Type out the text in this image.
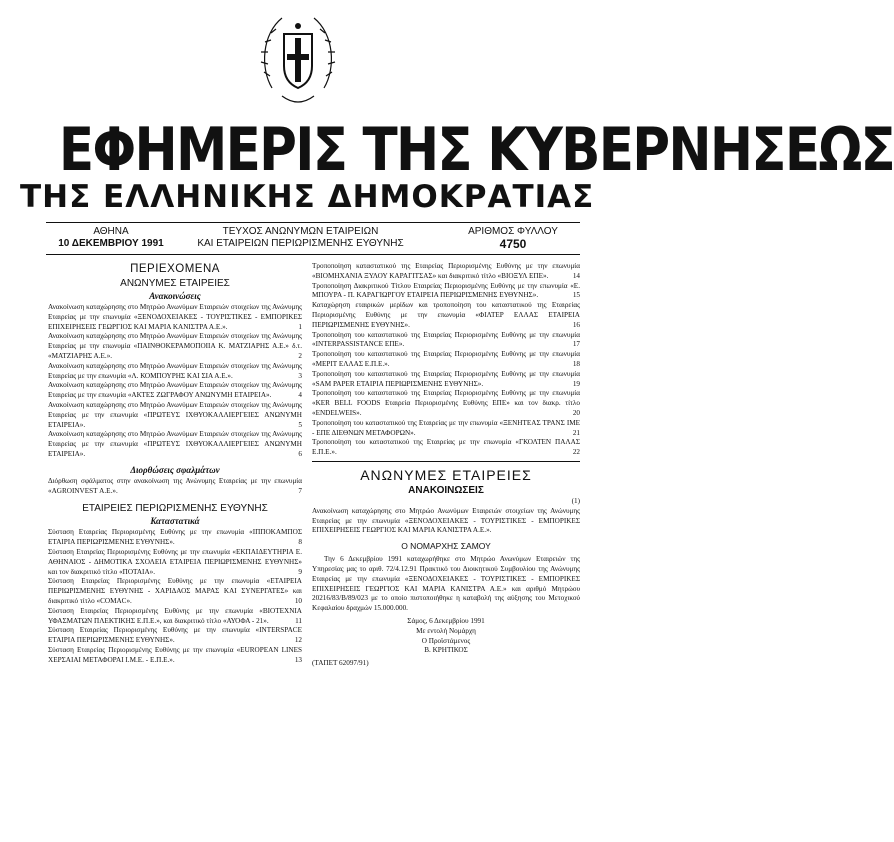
ΕΦΗΜΕΡΙΣ ΤΗΣ ΚΥΒΕΡΝΗΣΕΩΣ
ΤΗΣ ΕΛΛΗΝΙΚΗΣ ΔΗΜΟΚΡΑΤΙΑΣ
ΑΘΗΝΑ
10 ΔΕΚΕΜΒΡΙΟΥ 1991
ΤΕΥΧΟΣ ΑΝΩΝΥΜΩΝ ΕΤΑΙΡΕΙΩΝ
ΚΑΙ ΕΤΑΙΡΕΙΩΝ ΠΕΡΙΩΡΙΣΜΕΝΗΣ ΕΥΘΥΝΗΣ
ΑΡΙΘΜΟΣ ΦΥΛΛΟΥ
4750
ΠΕΡΙΕΧΟΜΕΝΑ
ΑΝΩΝΥΜΕΣ ΕΤΑΙΡΕΙΕΣ
Ανακοινώσεις

Ανακοίνωση καταχώρησης στο Μητρώο Ανωνύμων Εταιρειών στοιχείων της Ανώνυμης Εταιρείας με την επωνυμία «ΞΕΝΟΔΟΧΕΙΑΚΕΣ - ΤΟΥΡΙΣΤΙΚΕΣ - ΕΜΠΟΡΙΚΕΣ ΕΠΙΧΕΙΡΗΣΕΙΣ ΓΕΩΡΓΙΟΣ ΚΑΙ ΜΑΡΙΑ ΚΑΝΙΣΤΡΑ Α.Ε.».	1

Ανακοίνωση καταχώρησης στο Μητρώο Ανωνύμων Εταιρειών στοιχείων της Ανώνυμης Εταιρείας με την επωνυμία «ΠΑΙΝΘΟΚΕΡΑΜΟΠΟΙΙΑ Κ. ΜΑΤΖΙΑΡΗΣ Α.Ε.» δ.τ. «ΜΑΤΖΙΑΡΗΣ Α.Ε.».	2

Ανακοίνωση καταχώρησης στο Μητρώο Ανωνύμων Εταιρειών στοιχείων της Ανώνυμης Εταιρείας με την επωνυμία «Λ. ΚΟΜΠΟΥΡΗΣ ΚΑΙ ΣΙΑ Α.Ε.».	3

Ανακοίνωση καταχώρησης στο Μητρώο Ανωνύμων Εταιρειών στοιχείων της Ανώνυμης Εταιρείας με την επωνυμία «ΑΚΤΕΣ ΖΩΓΡΑΦΟΥ ΑΝΩΝΥΜΗ ΕΤΑΙΡΕΙΑ».	4

Ανακοίνωση καταχώρησης στο Μητρώο Ανωνύμων Εταιρειών στοιχείων της Ανώνυμης Εταιρείας με την επωνυμία «ΠΡΩΤΕΥΣ ΙΧΘΥΟΚΑΛΛΙΕΡΓΕΙΕΣ ΑΝΩΝΥΜΗ ΕΤΑΙΡΕΙΑ».	5

Ανακοίνωση καταχώρησης στο Μητρώο Ανωνύμων Εταιρειών στοιχείων της Ανώνυμης Εταιρείας με την επωνυμία «ΠΡΩΤΕΥΣ ΙΧΘΥΟΚΑΛΛΙΕΡΓΕΙΕΣ ΑΝΩΝΥΜΗ ΕΤΑΙΡΕΙΑ».	6

Διορθώσεις σφαλμάτων

Διόρθωση σφάλματος στην ανακοίνωση της Ανώνυμης Εταιρείας με την επωνυμία «AGROINVEST Α.Ε.».	7

ΕΤΑΙΡΕΙΕΣ ΠΕΡΙΩΡΙΣΜΕΝΗΣ ΕΥΘΥΝΗΣ
Καταστατικά

Σύσταση Εταιρείας Περιορισμένης Ευθύνης με την επωνυμία «ΙΠΠΟΚΑΜΠΟΣ ΕΤΑΙΡΙΑ ΠΕΡΙΩΡΙΣΜΕΝΗΣ ΕΥΘΥΝΗΣ».	8

Σύσταση Εταιρείας Περιορισμένης Ευθύνης με την επωνυμία «ΕΚΠΑΙΔΕΥΤΗΡΙΑ Ε. ΑΘΗΝΑΙΟΣ - ΔΗΜΟΤΙΚΑ ΣΧΟΛΕΙΑ ΕΤΑΙΡΕΙΑ ΠΕΡΙΩΡΙΣΜΕΝΗΣ ΕΥΘΥΝΗΣ» και τον διακριτικό τίτλο «ΠΟΤΑΙΑ».	9

Σύσταση Εταιρείας Περιορισμένης Ευθύνης με την επωνυμία «ΕΤΑΙΡΕΙΑ ΠΕΡΙΩΡΙΣΜΕΝΗΣ ΕΥΘΥΝΗΣ - ΧΑΡΙΔΑΟΣ ΜΑΡΑΣ ΚΑΙ ΣΥΝΕΡΓΑΤΕΣ» και διακριτικό τίτλο «COMAC».	10

Σύσταση Εταιρείας Περιορισμένης Ευθύνης με την επωνυμία «ΒΙΟΤΕΧΝΙΑ ΥΦΑΣΜΑΤΩΝ ΠΛΕΚΤΙΚΗΣ Ε.Π.Ε.», και διακριτικό τίτλο «ΑΥΟΦΑ - 21».	11

Σύσταση Εταιρείας Περιορισμένης Ευθύνης με την επωνυμία «INTERSPACE ΕΤΑΙΡΙΑ ΠΕΡΙΩΡΙΣΜΕΝΗΣ ΕΥΘΥΝΗΣ».	12

Σύσταση Εταιρείας Περιορισμένης Ευθύνης με την επωνυμία «EUROPEAN LINES ΧΕΡΣΑΙΑΙ ΜΕΤΑΦΟΡΑΙ Ι.Μ.Ε. - Ε.Π.Ε.».	13

Τροποποίηση καταστατικού της Εταιρείας Περιορισμένης Ευθύνης με την επωνυμία «ΒΙΟΜΗΧΑΝΙΑ ΞΥΛΟΥ ΚΑΡΑΓΙΤΣΑΣ» και διακριτικό τίτλο «ΒΙΟΞΥΛ ΕΠΕ».	14

Τροποποίηση Διακριτικού Τίτλου Εταιρείας Περιορισμένης Ευθύνης με την επωνυμία «Ε. ΜΠΟΥΡΑ - Π. ΚΑΡΑΓΙΩΡΓΟΥ ΕΤΑΙΡΕΙΑ ΠΕΡΙΩΡΙΣΜΕΝΗΣ ΕΥΘΥΝΗΣ».	15

Καταχώρηση εταιρικών μερίδων και τροποποίηση του καταστατικού της Εταιρείας Περιορισμένης Ευθύνης με την επωνυμία «ΦΙΛΤΕΡ ΕΛΛΑΣ ΕΤΑΙΡΕΙΑ ΠΕΡΙΩΡΙΣΜΕΝΗΣ ΕΥΘΥΝΗΣ».	16

Τροποποίηση του καταστατικού της Εταιρείας Περιορισμένης Ευθύνης με την επωνυμία «INTERPASSISTANCE ΕΠΕ».	17

Τροποποίηση του καταστατικού της Εταιρείας Περιορισμένης Ευθύνης με την επωνυμία «ΜΕΡΙΤ ΕΛΛΑΣ Ε.Π.Ε.».	18

Τροποποίηση του καταστατικού της Εταιρείας Περιορισμένης Ευθύνης με την επωνυμία «SAM PAPER ΕΤΑΙΡΙΑ ΠΕΡΙΩΡΙΣΜΕΝΗΣ ΕΥΘΥΝΗΣ».	19

Τροποποίηση του καταστατικού της Εταιρείας Περιορισμένης Ευθύνης με την επωνυμία «KER BELL FOODS Εταιρεία Περιορισμένης Ευθύνης ΕΠΕ» και τον διακρ. τίτλο «ENDELWEIS».	20

Τροποποίηση του καταστατικού της Εταιρείας με την επωνυμία «ΞΕΝΗΤΕΑΣ ΤΡΑΝΣ ΙΜΕ - ΕΠΕ ΔΙΕΘΝΩΝ ΜΕΤΑΦΟΡΩΝ».	21

Τροποποίηση του καταστατικού της Εταιρείας με την επωνυμία «ΓΚΟΛΤΕΝ ΠΑΛΑΣ Ε.Π.Ε.».	22

ΑΝΩΝΥΜΕΣ ΕΤΑΙΡΕΙΕΣ
ΑΝΑΚΟΙΝΩΣΕΙΣ
(1)

Ανακοίνωση καταχώρησης στο Μητρώο Ανωνύμων Εταιρειών στοιχείων της Ανώνυμης Εταιρείας με την επωνυμία «ΞΕΝΟΔΟΧΕΙΑΚΕΣ - ΤΟΥΡΙΣΤΙΚΕΣ - ΕΜΠΟΡΙΚΕΣ ΕΠΙΧΕΙΡΗΣΕΙΣ ΓΕΩΡΓΙΟΣ ΚΑΙ ΜΑΡΙΑ ΚΑΝΙΣΤΡΑ Α.Ε.».

Ο ΝΟΜΑΡΧΗΣ ΣΑΜΟΥ

Την 6 Δεκεμβρίου 1991 καταχωρήθηκε στο Μητρώο Ανωνύμων Εταιρειών της Υπηρεσίας μας το αριθ. 72/4.12.91 Πρακτικό του Διοικητικού Συμβουλίου της Ανώνυμης Εταιρείας με την επωνυμία «ΞΕΝΟΔΟΧΕΙΑΚΕΣ - ΤΟΥΡΙΣΤΙΚΕΣ - ΕΜΠΟΡΙΚΕΣ ΕΠΙΧΕΙΡΗΣΕΙΣ ΓΕΩΡΓΙΟΣ ΚΑΙ ΜΑΡΙΑ ΚΑΝΙΣΤΡΑ Α.Ε.» και αριθμό Μητρώου 20216/83/Β/89/023 με το οποίο πιστοποιήθηκε η καταβολή της αύξησης του Μετοχικού Κεφαλαίου δραχμών 15.000.000.

Σάμος, 6 Δεκεμβρίου 1991
Με εντολή Νομάρχη
Ο Προϊστάμενος
Β. ΚΡΗΤΙΚΟΣ
(ΤΑΠΕΤ 62097/91)
